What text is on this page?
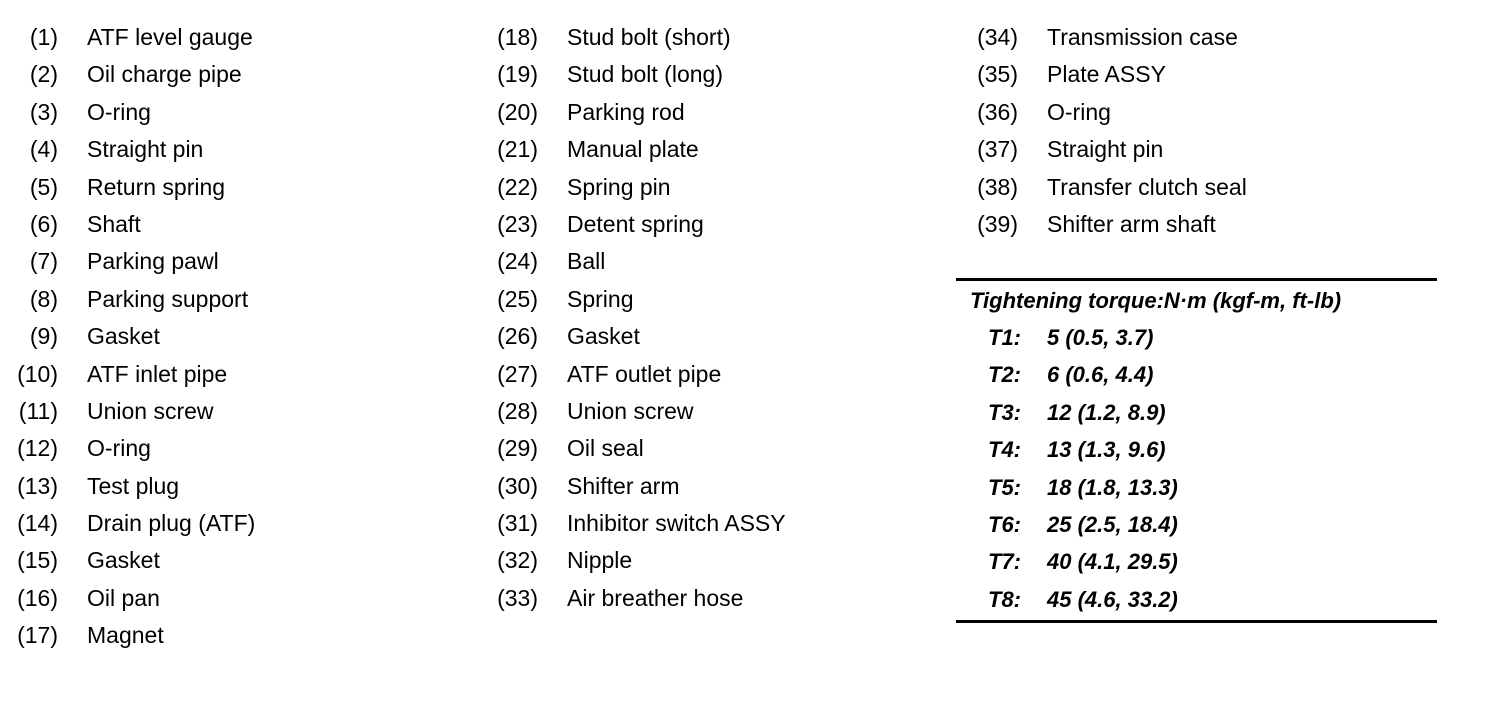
(1) ATF level gauge
(2) Oil charge pipe
(3) O-ring
(4) Straight pin
(5) Return spring
(6) Shaft
(7) Parking pawl
(8) Parking support
(9) Gasket
(10) ATF inlet pipe
(11) Union screw
(12) O-ring
(13) Test plug
(14) Drain plug (ATF)
(15) Gasket
(16) Oil pan
(17) Magnet
(18) Stud bolt (short)
(19) Stud bolt (long)
(20) Parking rod
(21) Manual plate
(22) Spring pin
(23) Detent spring
(24) Ball
(25) Spring
(26) Gasket
(27) ATF outlet pipe
(28) Union screw
(29) Oil seal
(30) Shifter arm
(31) Inhibitor switch ASSY
(32) Nipple
(33) Air breather hose
(34) Transmission case
(35) Plate ASSY
(36) O-ring
(37) Straight pin
(38) Transfer clutch seal
(39) Shifter arm shaft
Tightening torque:N·m (kgf-m, ft-lb)
T1: 5 (0.5, 3.7)
T2: 6 (0.6, 4.4)
T3: 12 (1.2, 8.9)
T4: 13 (1.3, 9.6)
T5: 18 (1.8, 13.3)
T6: 25 (2.5, 18.4)
T7: 40 (4.1, 29.5)
T8: 45 (4.6, 33.2)
